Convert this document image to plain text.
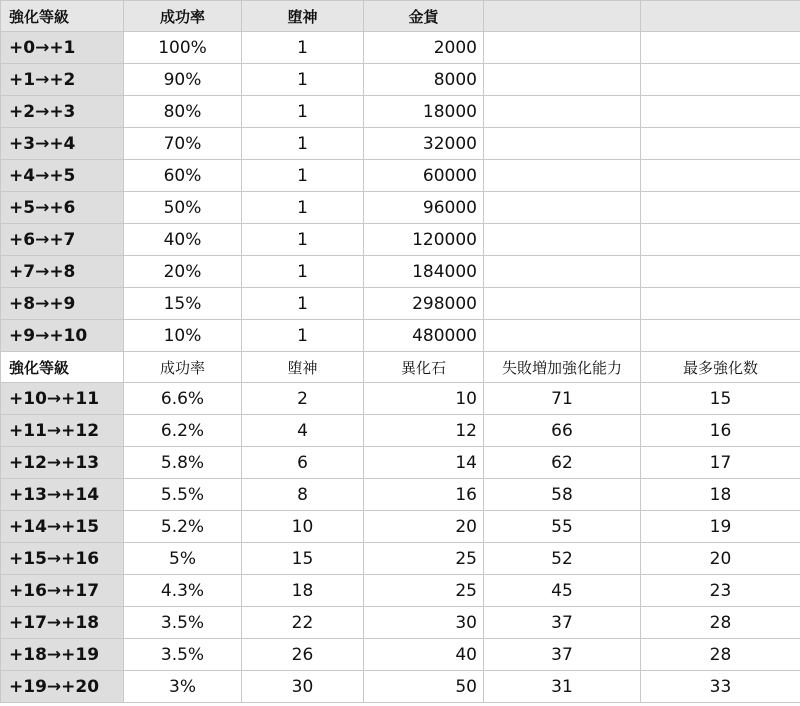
強化等級	成功率	堕神	金貨		
+0→+1	100%	1	2000		
+1→+2	90%	1	8000		
+2→+3	80%	1	18000		
+3→+4	70%	1	32000		
+4→+5	60%	1	60000		
+5→+6	50%	1	96000		
+6→+7	40%	1	120000		
+7→+8	20%	1	184000		
+8→+9	15%	1	298000		
+9→+10	10%	1	480000		
強化等級	成功率	堕神	異化石	失敗増加強化能力	最多強化数
+10→+11	6.6%	2	10	71	15
+11→+12	6.2%	4	12	66	16
+12→+13	5.8%	6	14	62	17
+13→+14	5.5%	8	16	58	18
+14→+15	5.2%	10	20	55	19
+15→+16	5%	15	25	52	20
+16→+17	4.3%	18	25	45	23
+17→+18	3.5%	22	30	37	28
+18→+19	3.5%	26	40	37	28
+19→+20	3%	30	50	31	33
